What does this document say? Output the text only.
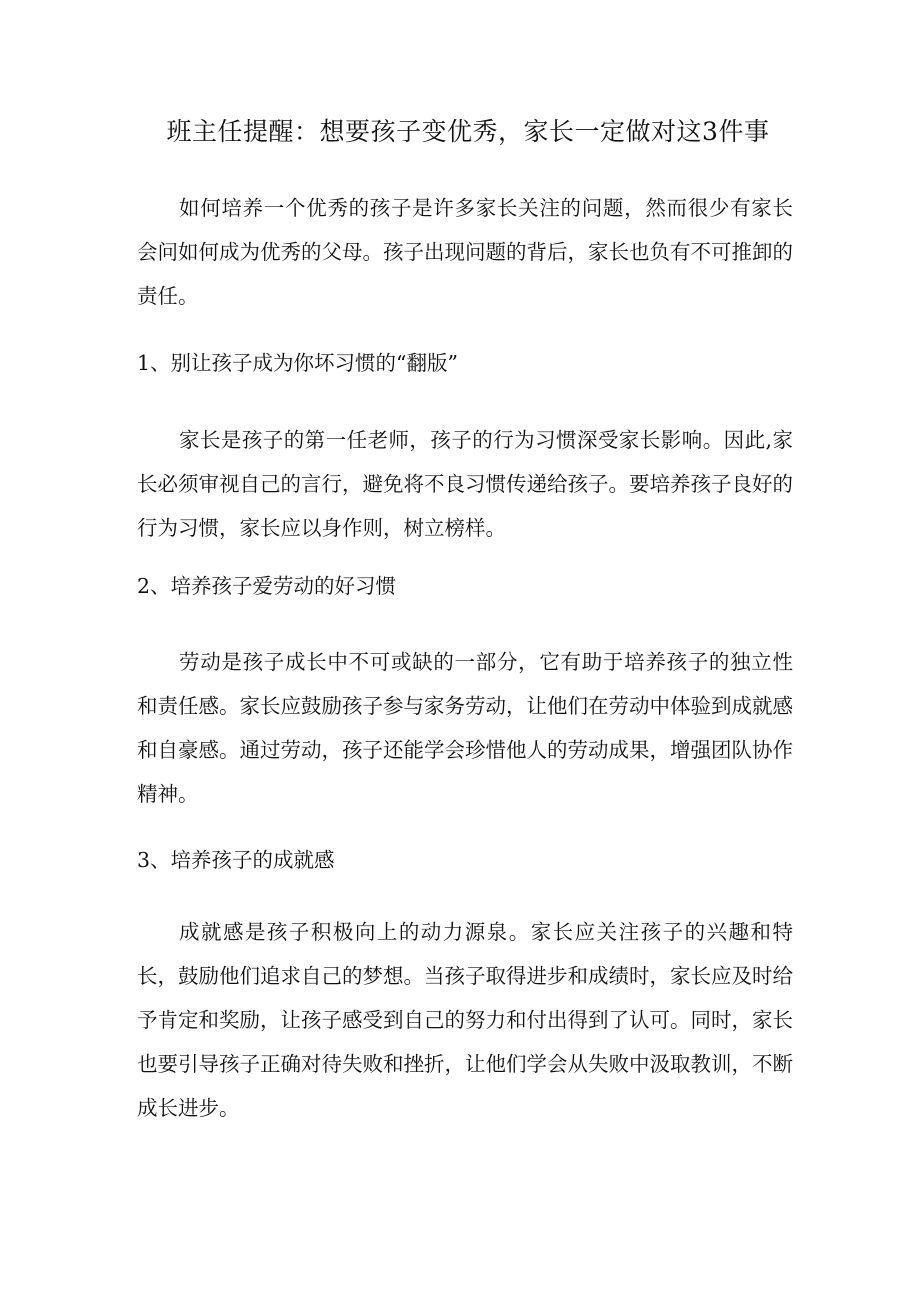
班主任提醒：想要孩子变优秀，家长一定做对这3件事

如何培养一个优秀的孩子是许多家长关注的问题，然而很少有家长会问如何成为优秀的父母。孩子出现问题的背后，家长也负有不可推卸的责任。

1、别让孩子成为你坏习惯的“翻版”

家长是孩子的第一任老师，孩子的行为习惯深受家长影响。因此,家长必须审视自己的言行，避免将不良习惯传递给孩子。要培养孩子良好的行为习惯，家长应以身作则，树立榜样。

2、培养孩子爱劳动的好习惯

劳动是孩子成长中不可或缺的一部分，它有助于培养孩子的独立性和责任感。家长应鼓励孩子参与家务劳动，让他们在劳动中体验到成就感和自豪感。通过劳动，孩子还能学会珍惜他人的劳动成果，增强团队协作精神。

3、培养孩子的成就感

成就感是孩子积极向上的动力源泉。家长应关注孩子的兴趣和特长，鼓励他们追求自己的梦想。当孩子取得进步和成绩时，家长应及时给予肯定和奖励，让孩子感受到自己的努力和付出得到了认可。同时，家长也要引导孩子正确对待失败和挫折，让他们学会从失败中汲取教训，不断成长进步。
